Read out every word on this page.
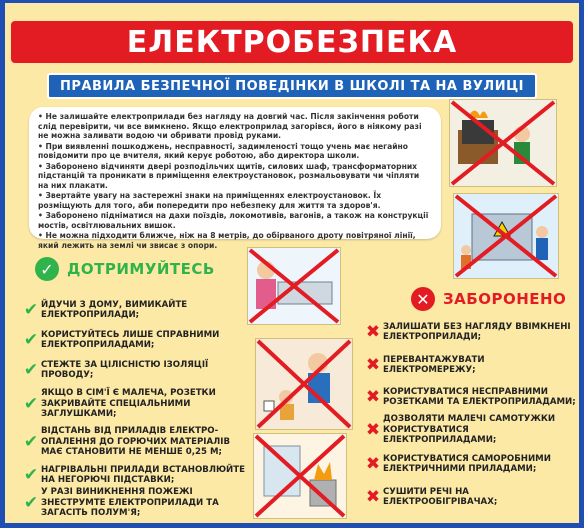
ЕЛЕКТРОБЕЗПЕКА
ПРАВИЛА БЕЗПЕЧНОЇ ПОВЕДІНКИ В ШКОЛІ ТА НА ВУЛИЦІ

• Не залишайте електроприлади без нагляду на довгий час. Після закінчення роботи слід перевірити, чи все вимкнено. Якщо електроприлад загорівся, його в ніякому разі не можна заливати водою чи обривати провід руками.

• При виявленні пошкоджень, несправності, задимленості тощо учень має негайно повідомити про це вчителя, який керує роботою, або директора школи.

• Заборонено відчиняти двері розподільчих щитів, силових шаф, трансформаторних підстанцій та проникати в приміщення електроустановок, розмальовувати чи чіпляти на них плакати.

• Звертайте увагу на застережні знаки на приміщеннях електроустановок. Їх розміщують для того, аби попередити про небезпеку для життя та здоров'я.

• Заборонено підніматися на дахи поїздів, локомотивів, вагонів, а також на конструкції мостів, освітлювальних вишок.

• Не можна підходити ближче, ніж на 8 метрів, до обірваного дроту повітряної лінії, який лежить на землі чи звисає з опори.

✓ ДОТРИМУЙТЕСЬ
✔ ЙДУЧИ З ДОМУ, ВИМИКАЙТЕ ЕЛЕКТРОПРИЛАДИ;
✔ КОРИСТУЙТЕСЬ ЛИШЕ СПРАВНИМИ ЕЛЕКТРОПРИЛАДАМИ;
✔ СТЕЖТЕ ЗА ЦІЛІСНІСТЮ ІЗОЛЯЦІЇ ПРОВОДУ;
✔
ЯКЩО В СІМ'Ї Є МАЛЕЧА, РОЗЕТКИ ЗАКРИВАЙТЕ СПЕЦІАЛЬНИМИ ЗАГЛУШКАМИ;
✔
ВІДСТАНЬ ВІД ПРИЛАДІВ ЕЛЕКТРО-ОПАЛЕННЯ ДО ГОРЮЧИХ МАТЕРІАЛІВ МАЄ СТАНОВИТИ НЕ МЕНШЕ 0,25 М;
✔ НАГРІВАЛЬНІ ПРИЛАДИ ВСТАНОВЛЮЙТЕ НА НЕГОРЮЧІ ПІДСТАВКИ;
✔
У РАЗІ ВИНИКНЕННЯ ПОЖЕЖІ ЗНЕСТРУМТЕ ЕЛЕКТРОПРИЛАДИ ТА ЗАГАСІТЬ ПОЛУМ'Я;
✕ ЗАБОРОНЕНО
✖ ЗАЛИШАТИ БЕЗ НАГЛЯДУ ВВІМКНЕНІ ЕЛЕКТРОПРИЛАДИ;
✖ ПЕРЕВАНТАЖУВАТИ ЕЛЕКТРОМЕРЕЖУ;
✖ КОРИСТУВАТИСЯ НЕСПРАВНИМИ РОЗЕТКАМИ ТА ЕЛЕКТРОПРИЛАДАМИ;
✖
ДОЗВОЛЯТИ МАЛЕЧІ САМОТУЖКИ КОРИСТУВАТИСЯ ЕЛЕКТРОПРИЛАДАМИ;
✖ КОРИСТУВАТИСЯ САМОРОБНИМИ ЕЛЕКТРИЧНИМИ ПРИЛАДАМИ;
✖ СУШИТИ РЕЧІ НА ЕЛЕКТРООБІГРІВАЧАХ;
